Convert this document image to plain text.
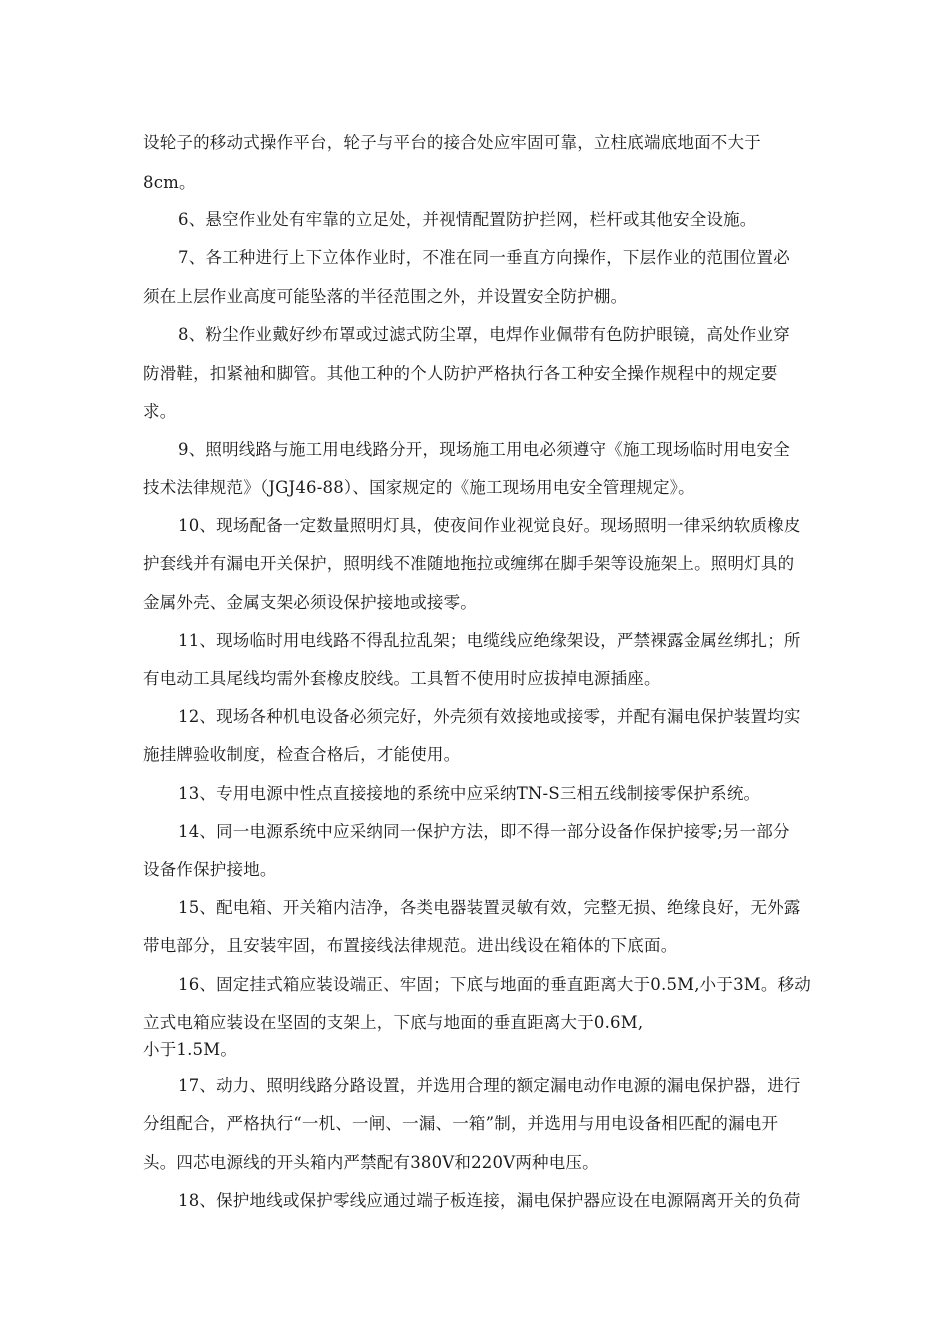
设轮子的移动式操作平台，轮子与平台的接合处应牢固可靠，立柱底端底地面不大于
8cm。
6、悬空作业处有牢靠的立足处，并视情配置防护拦网，栏杆或其他安全设施。
7、各工种进行上下立体作业时，不准在同一垂直方向操作，下层作业的范围位置必
须在上层作业高度可能坠落的半径范围之外，并设置安全防护棚。
8、粉尘作业戴好纱布罩或过滤式防尘罩，电焊作业佩带有色防护眼镜，高处作业穿
防滑鞋，扣紧袖和脚管。其他工种的个人防护严格执行各工种安全操作规程中的规定要
求。
9、照明线路与施工用电线路分开，现场施工用电必须遵守《施工现场临时用电安全
技术法律规范》（JGJ46-88）、国家规定的《施工现场用电安全管理规定》。
10、现场配备一定数量照明灯具，使夜间作业视觉良好。现场照明一律采纳软质橡皮
护套线并有漏电开关保护，照明线不准随地拖拉或缠绑在脚手架等设施架上。照明灯具的
金属外壳、金属支架必须设保护接地或接零。
11、现场临时用电线路不得乱拉乱架；电缆线应绝缘架设，严禁裸露金属丝绑扎；所
有电动工具尾线均需外套橡皮胶线。工具暂不使用时应拔掉电源插座。
12、现场各种机电设备必须完好，外壳须有效接地或接零，并配有漏电保护装置均实
施挂牌验收制度，检查合格后，才能使用。
13、专用电源中性点直接接地的系统中应采纳TN-S三相五线制接零保护系统。
14、同一电源系统中应采纳同一保护方法，即不得一部分设备作保护接零;另一部分
设备作保护接地。
15、配电箱、开关箱内洁净，各类电器装置灵敏有效，完整无损、绝缘良好，无外露
带电部分，且安装牢固，布置接线法律规范。进出线设在箱体的下底面。
16、固定挂式箱应装设端正、牢固；下底与地面的垂直距离大于0.5M,小于3M。移动
立式电箱应装设在坚固的支架上，下底与地面的垂直距离大于0.6M,
小于1.5M。
17、动力、照明线路分路设置，并选用合理的额定漏电动作电源的漏电保护器，进行
分组配合，严格执行“一机、一闸、一漏、一箱”制，并选用与用电设备相匹配的漏电开
头。四芯电源线的开头箱内严禁配有380V和220V两种电压。
18、保护地线或保护零线应通过端子板连接，漏电保护器应设在电源隔离开关的负荷
